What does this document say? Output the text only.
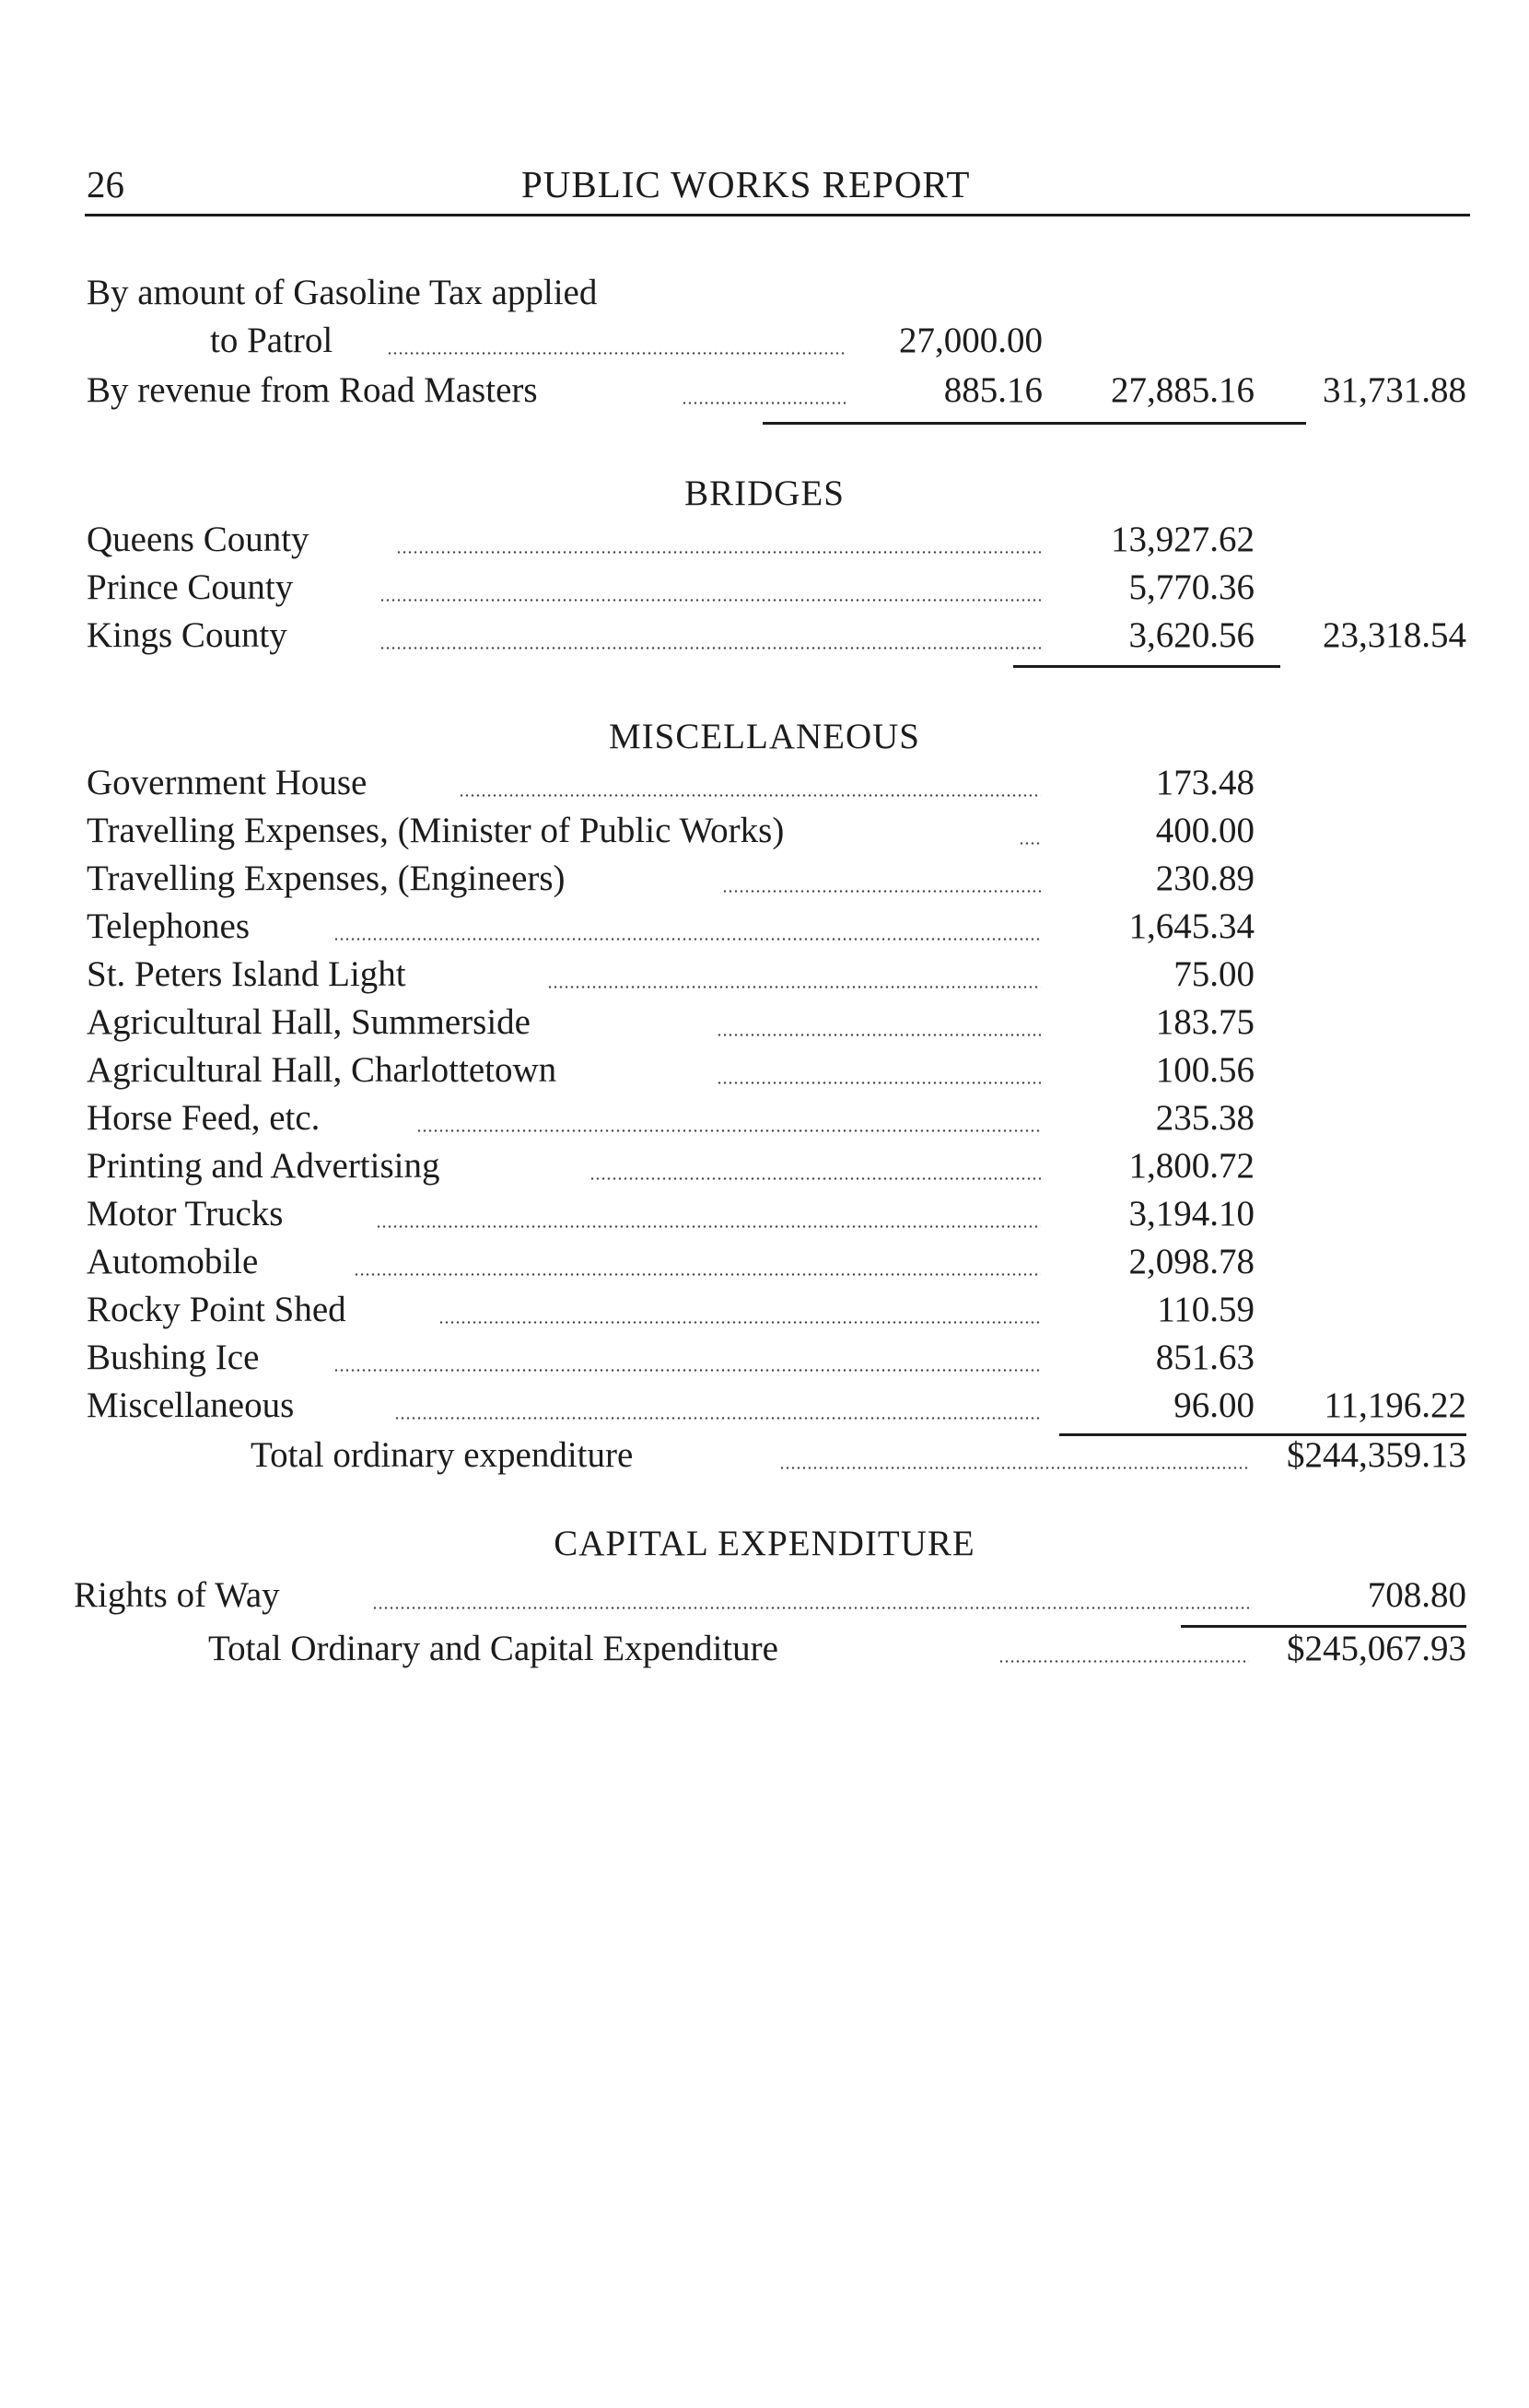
26	PUBLIC WORKS REPORT
By amount of Gasoline Tax applied
to Patrol	27,000.00
By revenue from Road Masters	885.16 27,885.16 31,731.88
BRIDGES
Queens County	13,927.62
Prince County	5,770.36
Kings County	3,620.56 23,318.54
MISCELLANEOUS
Government House	173.48
Travelling Expenses, (Minister of Public Works)	400.00
Travelling Expenses, (Engineers)	230.89
Telephones	1,645.34
St. Peters Island Light	75.00
Agricultural Hall, Summerside	183.75
Agricultural Hall, Charlottetown	100.56
Horse Feed, etc.	235.38
Printing and Advertising	1,800.72
Motor Trucks	3,194.10
Automobile	2,098.78
Rocky Point Shed	110.59
Bushing Ice	851.63
Miscellaneous	96.00 11,196.22
Total ordinary expenditure	$244,359.13
CAPITAL EXPENDITURE
Rights of Way	708.80
Total Ordinary and Capital Expenditure	$245,067.93
